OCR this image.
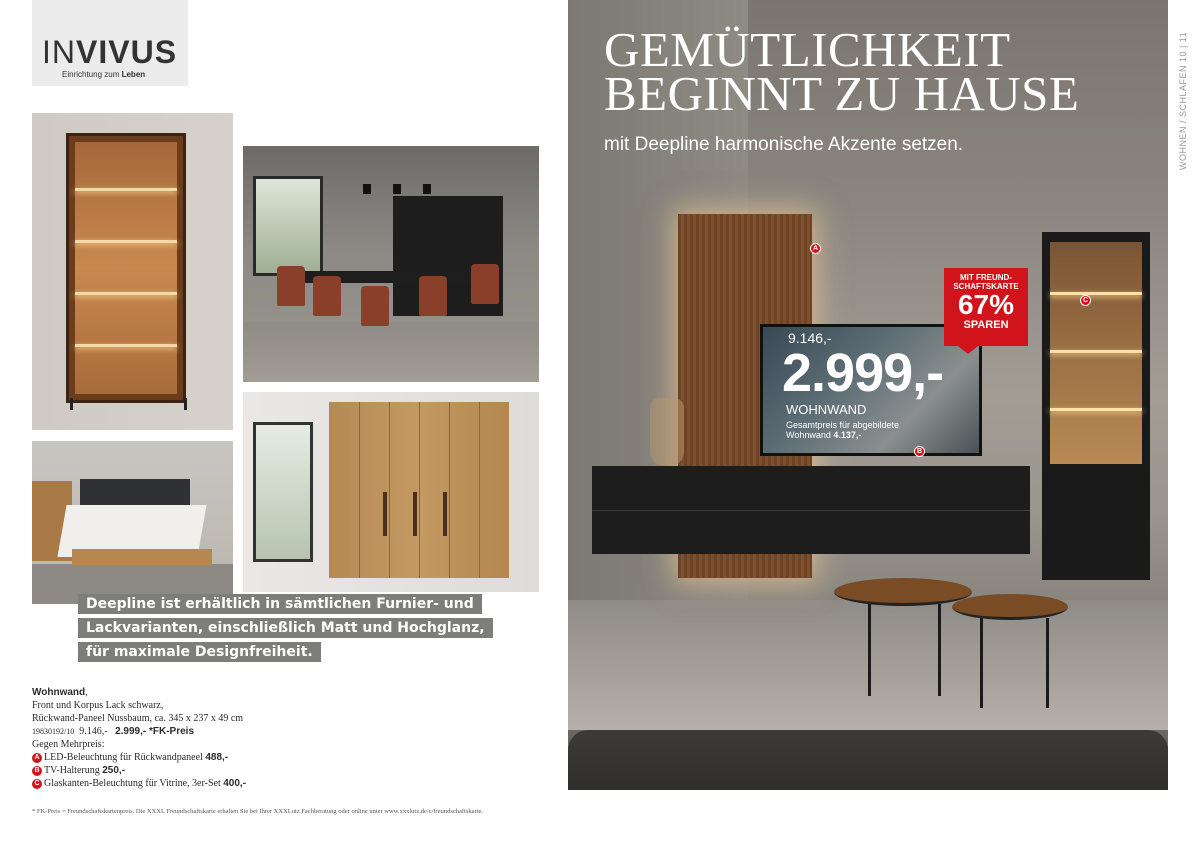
INVIVUS
Einrichtung zum Leben
Deepline ist erhältlich in sämtlichen Furnier- und
Lackvarianten, einschließlich Matt und Hochglanz,
für maximale Designfreiheit.
Wohnwand,
Front und Korpus Lack schwarz,
Rückwand-Paneel Nussbaum, ca. 345 x 237 x 49 cm
19830192/10 9.146,- 2.999,- *FK-Preis
Gegen Mehrpreis:
A LED-Beleuchtung für Rückwandpaneel 488,-
B TV-Halterung 250,-
C Glaskanten-Beleuchtung für Vitrine, 3er-Set 400,-
* FK-Preis = Freundschaftskartenpreis. Die XXXL Freundschaftskarte erhalten Sie bei Ihrer XXXLutz Fachberatung oder online unter www.xxxlutz.de/c/freundschaftskarte.
GEMÜTLICHKEIT
BEGINNT ZU HAUSE
mit Deepline harmonische Akzente setzen.
A
B
C
9.146,-
2.999,-
WOHNWAND
Gesamtpreis für abgebildete
Wohnwand 4.137,-
MIT FREUND-
SCHAFTSKARTE
67%
SPAREN
WOHNEN / SCHLAFEN 10 | 11
